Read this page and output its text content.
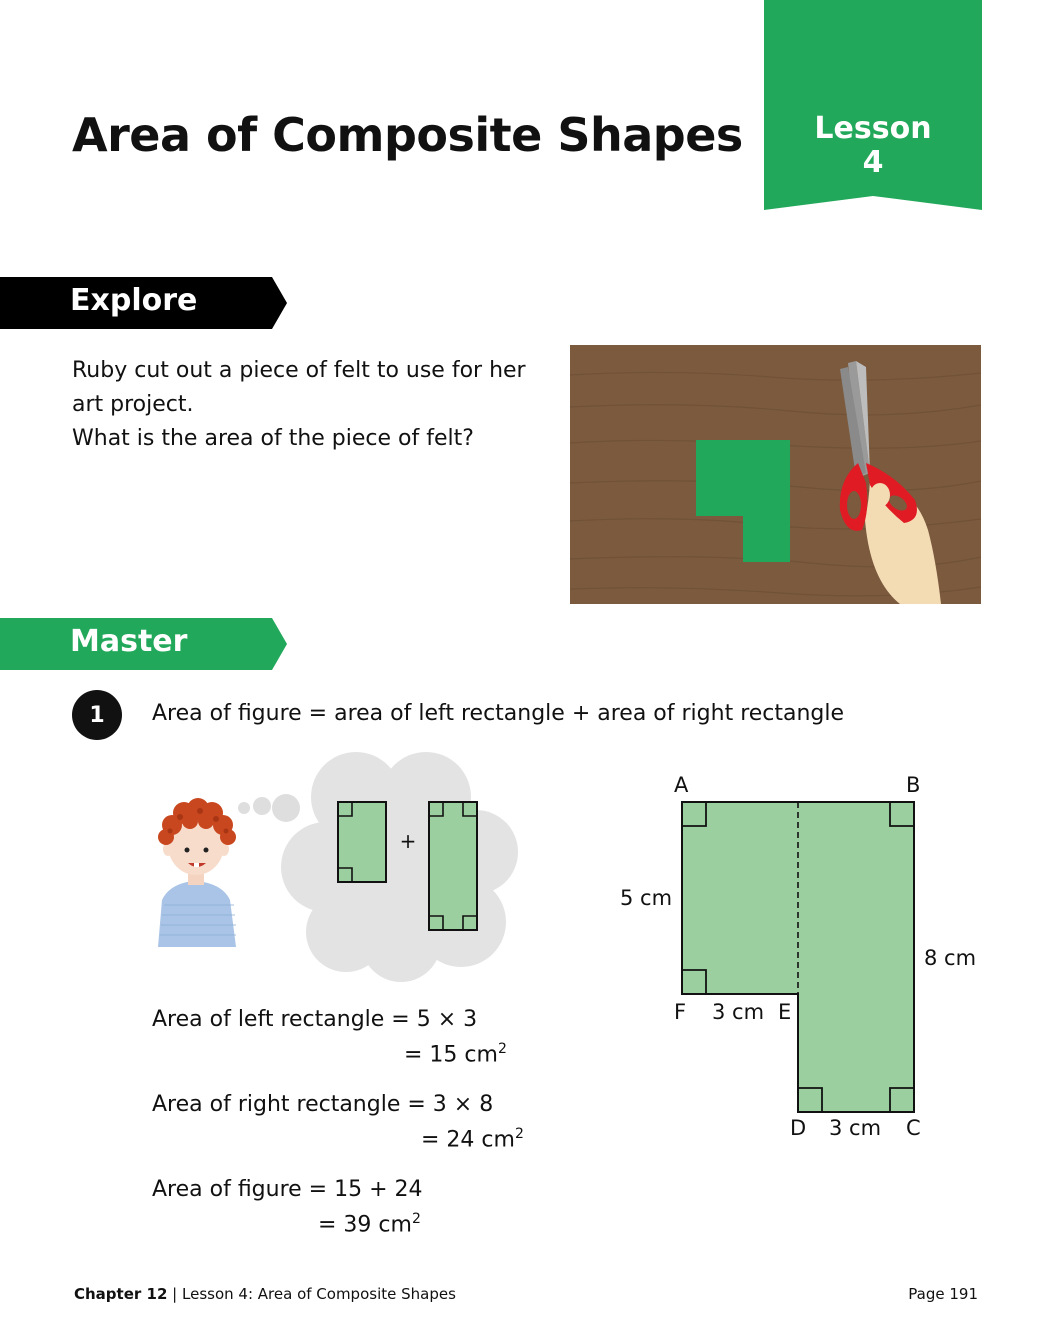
Area of Composite Shapes	Lesson
4
Explore
Ruby cut out a piece of felt to use for her
art project.
What is the area of the piece of felt?
Master
1	Area of figure = area of left rectangle + area of right rectangle
+
Area of left rectangle = 5 × 3
= 15 $cm^2$
Area of right rectangle = 3 × 8
= 24 $cm^2$
Area of figure = 15 + 24
= 39 $cm^2$
A	B
5 cm
8 cm
F 3 cm E
D 3 cm C
Chapter 12 | Lesson 4: Area of Composite Shapes	Page 191
